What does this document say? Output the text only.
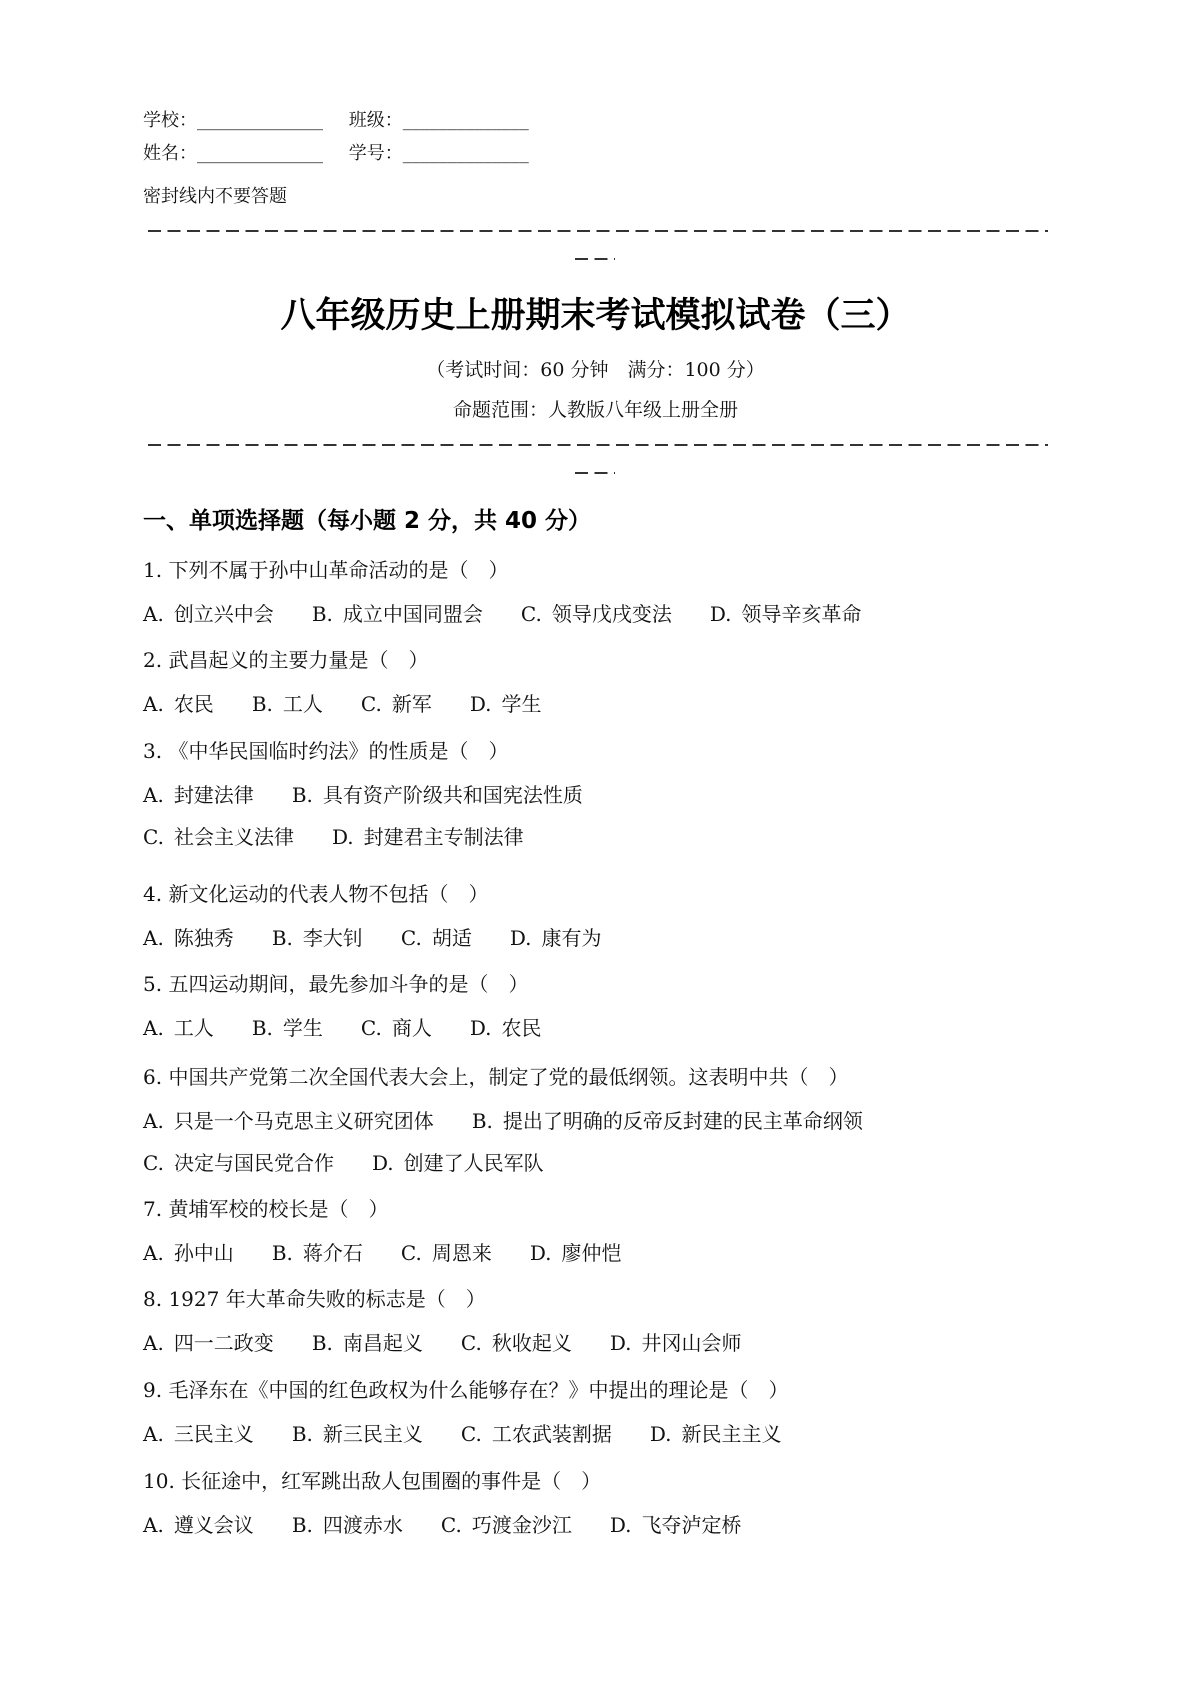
学校：______________ 班级：______________
姓名：______________ 学号：______________
密封线内不要答题
八年级历史上册期末考试模拟试卷（三）
（考试时间：60 分钟　满分：100 分）
命题范围：人教版八年级上册全册
一、单项选择题（每小题 2 分，共 40 分）
1. 下列不属于孙中山革命活动的是（　）
A. 创立兴中会 B. 成立中国同盟会 C. 领导戊戌变法 D. 领导辛亥革命
2. 武昌起义的主要力量是（　）
A. 农民 B. 工人 C. 新军 D. 学生
3. 《中华民国临时约法》的性质是（　）
A. 封建法律 B. 具有资产阶级共和国宪法性质
C. 社会主义法律 D. 封建君主专制法律
4. 新文化运动的代表人物不包括（　）
A. 陈独秀 B. 李大钊 C. 胡适 D. 康有为
5. 五四运动期间，最先参加斗争的是（　）
A. 工人 B. 学生 C. 商人 D. 农民
6. 中国共产党第二次全国代表大会上，制定了党的最低纲领。这表明中共（　）
A. 只是一个马克思主义研究团体 B. 提出了明确的反帝反封建的民主革命纲领
C. 决定与国民党合作 D. 创建了人民军队
7. 黄埔军校的校长是（　）
A. 孙中山 B. 蒋介石 C. 周恩来 D. 廖仲恺
8. 1927 年大革命失败的标志是（　）
A. 四一二政变 B. 南昌起义 C. 秋收起义 D. 井冈山会师
9. 毛泽东在《中国的红色政权为什么能够存在？》中提出的理论是（　）
A. 三民主义 B. 新三民主义 C. 工农武装割据 D. 新民主主义
10. 长征途中，红军跳出敌人包围圈的事件是（　）
A. 遵义会议 B. 四渡赤水 C. 巧渡金沙江 D. 飞夺泸定桥
